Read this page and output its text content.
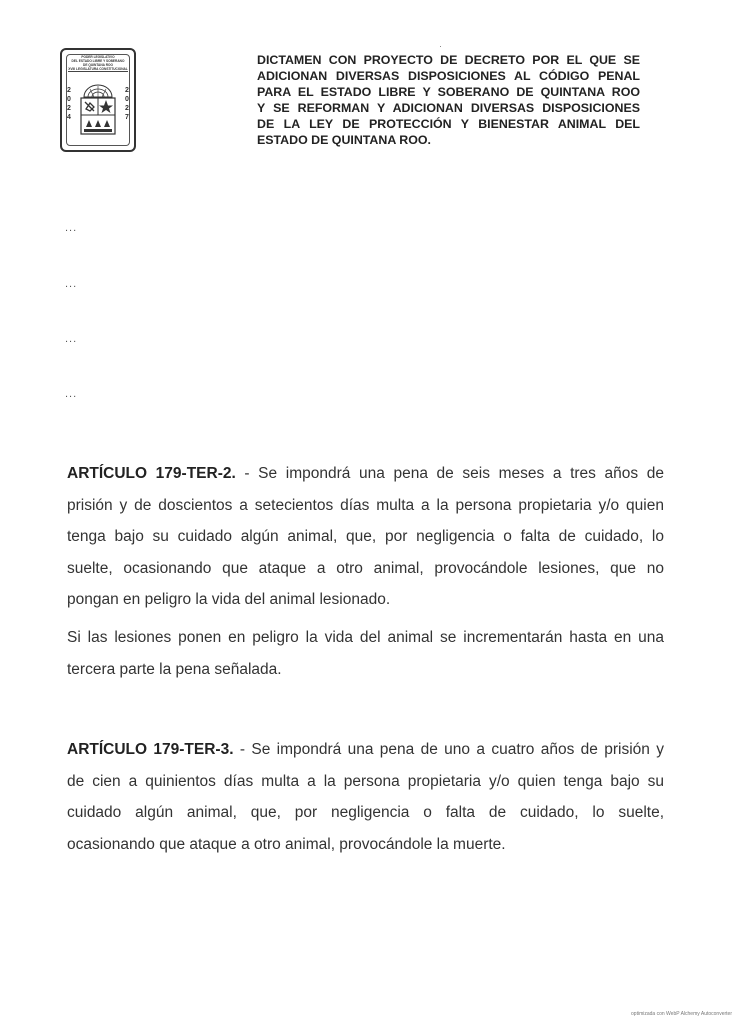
PODER LEGISLATIVO
DEL ESTADO LIBRE Y SOBERANO
DE QUINTANA ROO
XVIII LEGISLATURA CONSTITUCIONAL
2
0
2
4
2
0
2
7
DICTAMEN CON PROYECTO DE DECRETO POR EL QUE SE
ADICIONAN DIVERSAS DISPOSICIONES AL CÓDIGO PENAL
PARA EL ESTADO LIBRE Y SOBERANO DE QUINTANA ROO
Y SE REFORMAN Y ADICIONAN DIVERSAS DISPOSICIONES
DE LA LEY DE PROTECCIÓN Y BIENESTAR ANIMAL DEL
ESTADO DE QUINTANA ROO.
...
...
...
...
ARTÍCULO 179-TER-2. - Se impondrá una pena de seis meses a tres años de
prisión y de doscientos a setecientos días multa a la persona propietaria y/o quien
tenga bajo su cuidado algún animal, que, por negligencia o falta de cuidado, lo
suelte, ocasionando que ataque a otro animal, provocándole lesiones, que no
pongan en peligro la vida del animal lesionado.
Si las lesiones ponen en peligro la vida del animal se incrementarán hasta en una
tercera parte la pena señalada.
ARTÍCULO 179-TER-3. - Se impondrá una pena de uno a cuatro años de prisión y
de cien a quinientos días multa a la persona propietaria y/o quien tenga bajo su
cuidado algún animal, que, por negligencia o falta de cuidado, lo suelte,
ocasionando que ataque a otro animal, provocándole la muerte.
optimizada con WebP Alchemy Autoconverter
